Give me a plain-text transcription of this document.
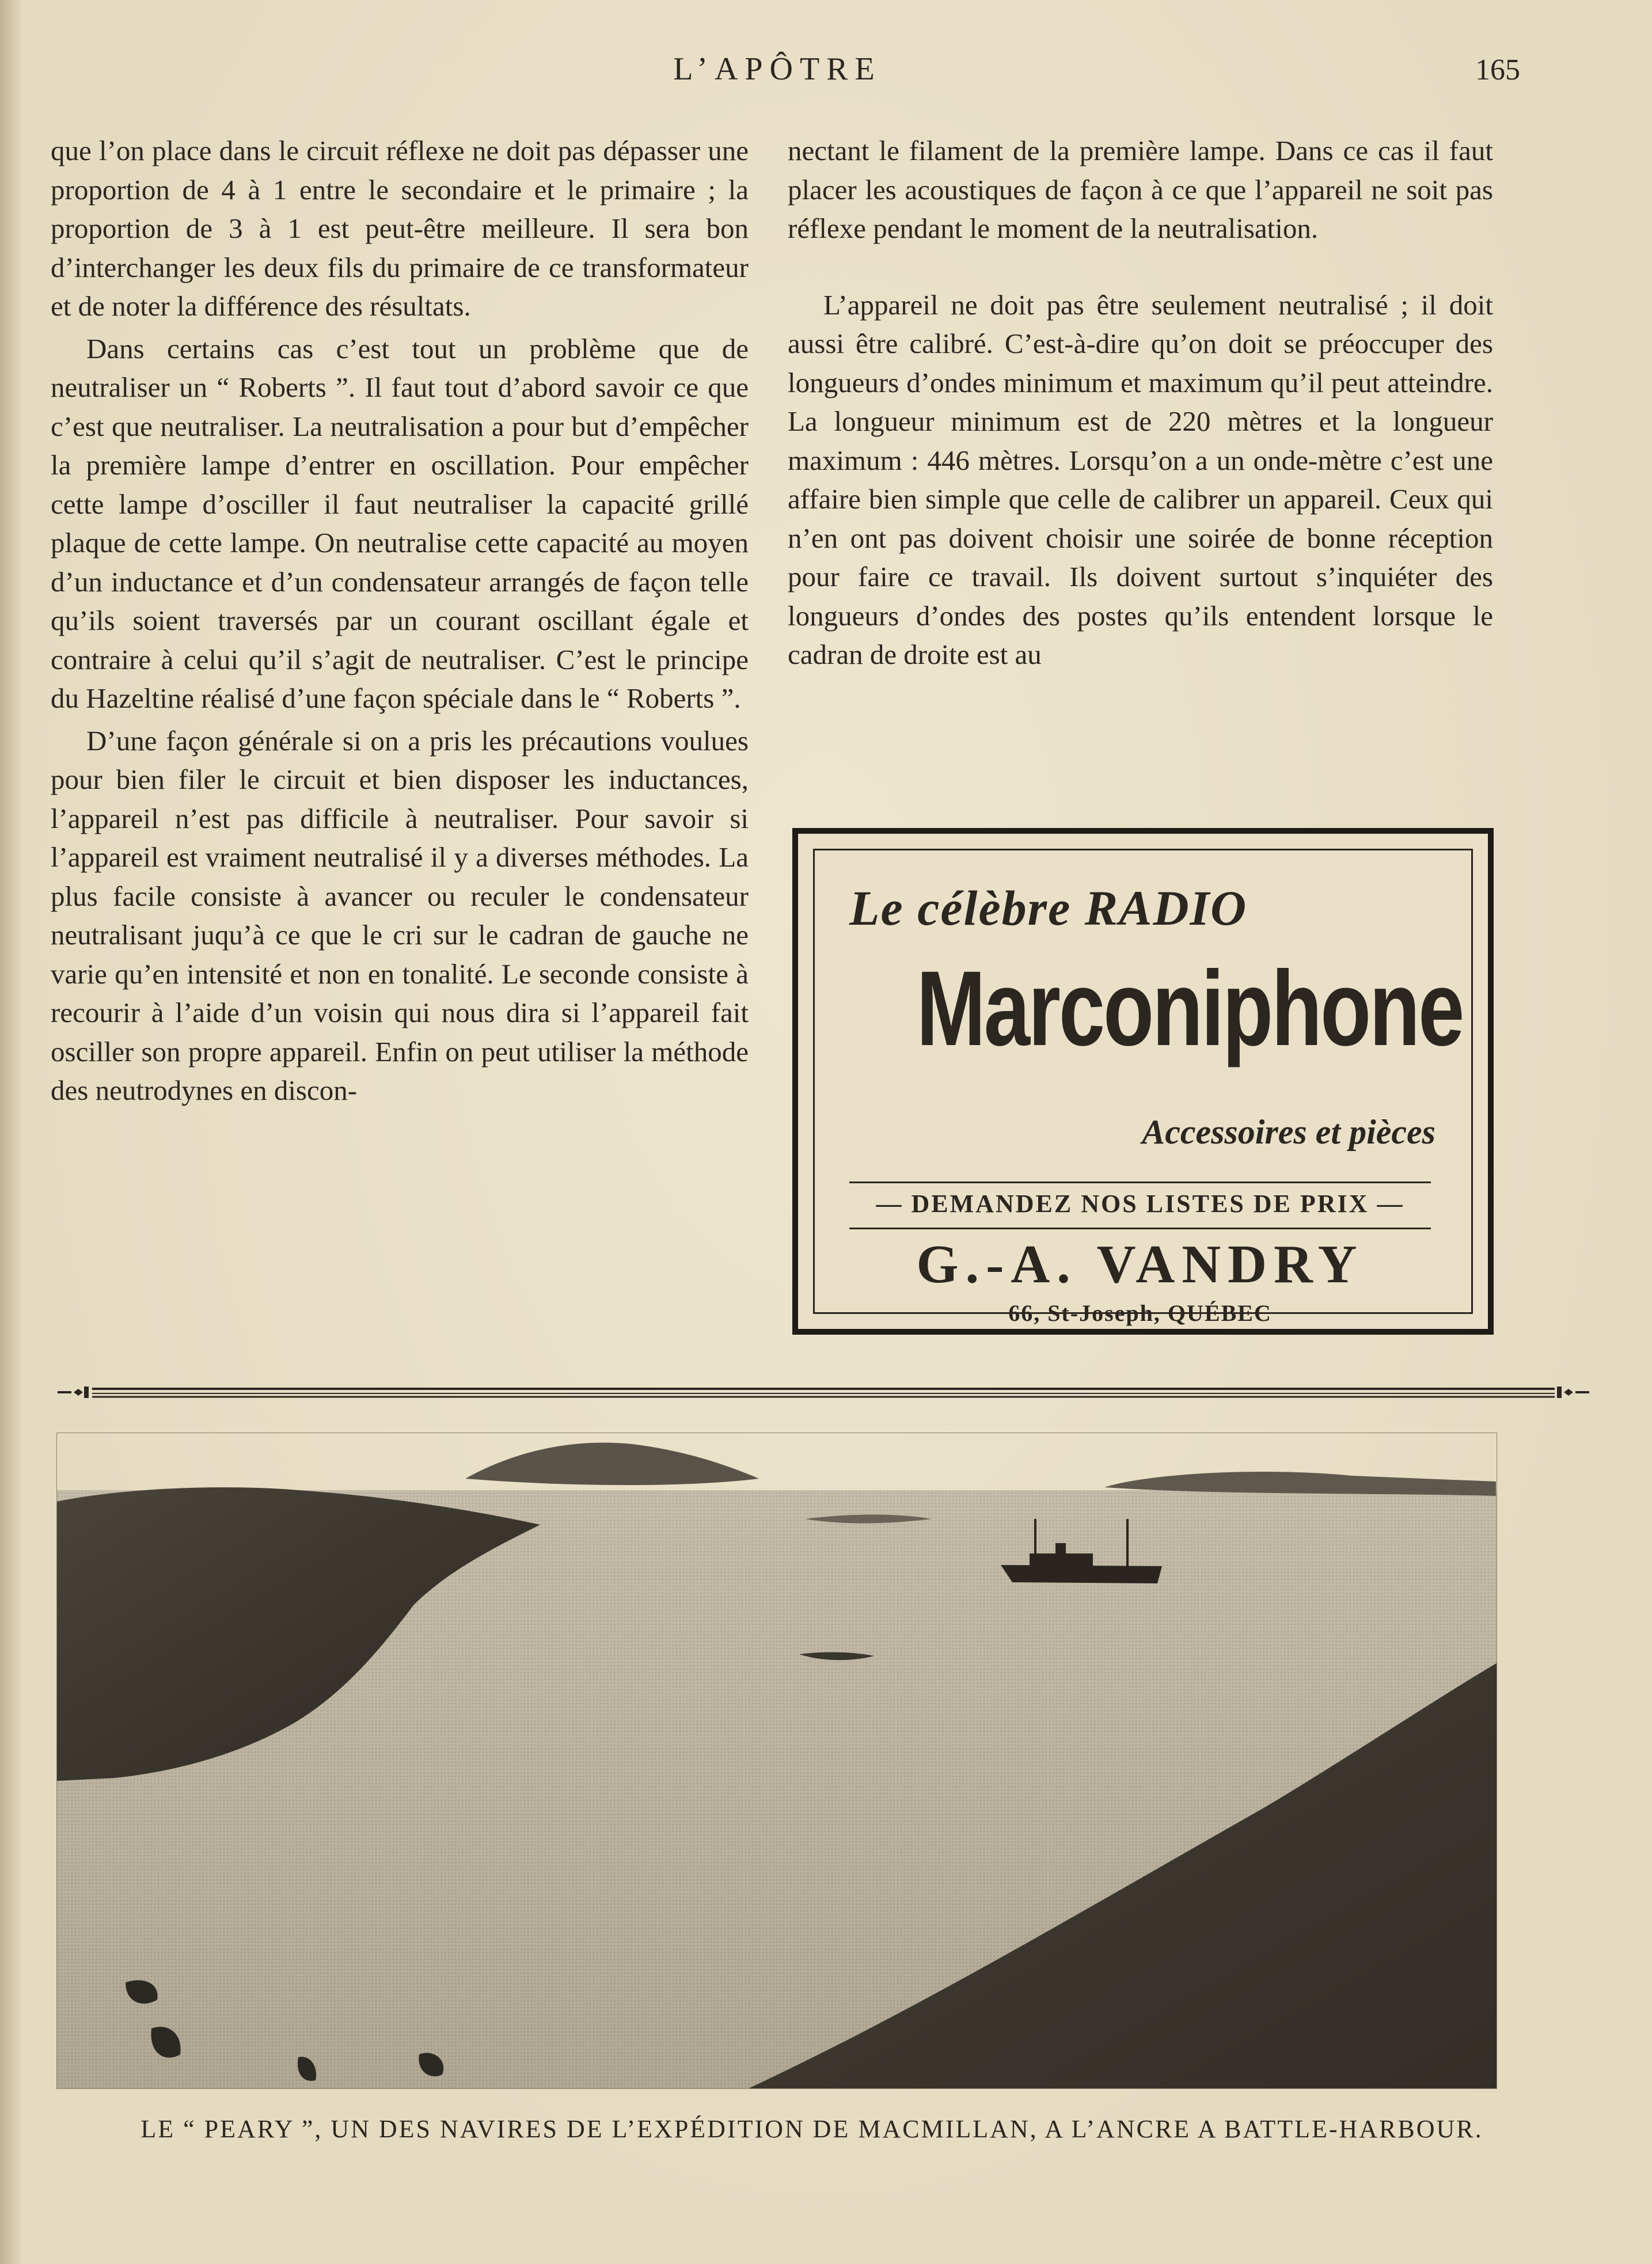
L’APÔTRE	165

que l’on place dans le circuit réflexe ne doit pas dépasser une proportion de 4 à 1 entre le secondaire et le primaire ; la proportion de 3 à 1 est peut-être meilleure. Il sera bon d’interchanger les deux fils du primaire de ce transformateur et de noter la différence des résultats.

Dans certains cas c’est tout un problème que de neutraliser un “ Roberts ”. Il faut tout d’abord savoir ce que c’est que neutraliser. La neutralisation a pour but d’empêcher la première lampe d’entrer en oscillation. Pour empêcher cette lampe d’osciller il faut neutraliser la capacité grillé plaque de cette lampe. On neutralise cette capacité au moyen d’un inductance et d’un condensateur arrangés de façon telle qu’ils soient traversés par un courant oscillant égale et contraire à celui qu’il s’agit de neutraliser. C’est le principe du Hazeltine réalisé d’une façon spéciale dans le “ Roberts ”.

D’une façon générale si on a pris les précautions voulues pour bien filer le circuit et bien disposer les inductances, l’appareil n’est pas difficile à neutraliser. Pour savoir si l’appareil est vraiment neutralisé il y a diverses méthodes. La plus facile consiste à avancer ou reculer le condensateur neutralisant juqu’à ce que le cri sur le cadran de gauche ne varie qu’en intensité et non en tonalité. Le seconde consiste à recourir à l’aide d’un voisin qui nous dira si l’appareil fait osciller son propre appareil. Enfin on peut utiliser la méthode des neutrodynes en discon-

nectant le filament de la première lampe. Dans ce cas il faut placer les acoustiques de façon à ce que l’appareil ne soit pas réflexe pendant le moment de la neutralisation.

L’appareil ne doit pas être seulement neutralisé ; il doit aussi être calibré. C’est-à-dire qu’on doit se préoccuper des longueurs d’ondes minimum et maximum qu’il peut atteindre. La longueur minimum est de 220 mètres et la longueur maximum : 446 mètres. Lorsqu’on a un onde-mètre c’est une affaire bien simple que celle de calibrer un appareil. Ceux qui n’en ont pas doivent choisir une soirée de bonne réception pour faire ce travail. Ils doivent surtout s’inquiéter des longueurs d’ondes des postes qu’ils entendent lorsque le cadran de droite est au

Le célèbre RADIO
Marconiphone
Accessoires et pièces
— DEMANDEZ NOS LISTES DE PRIX —
G.-A. VANDRY
66, St-Joseph, QUÉBEC
LE “ PEARY ”, UN DES NAVIRES DE L’EXPÉDITION DE MACMILLAN, A L’ANCRE A BATTLE-HARBOUR.
